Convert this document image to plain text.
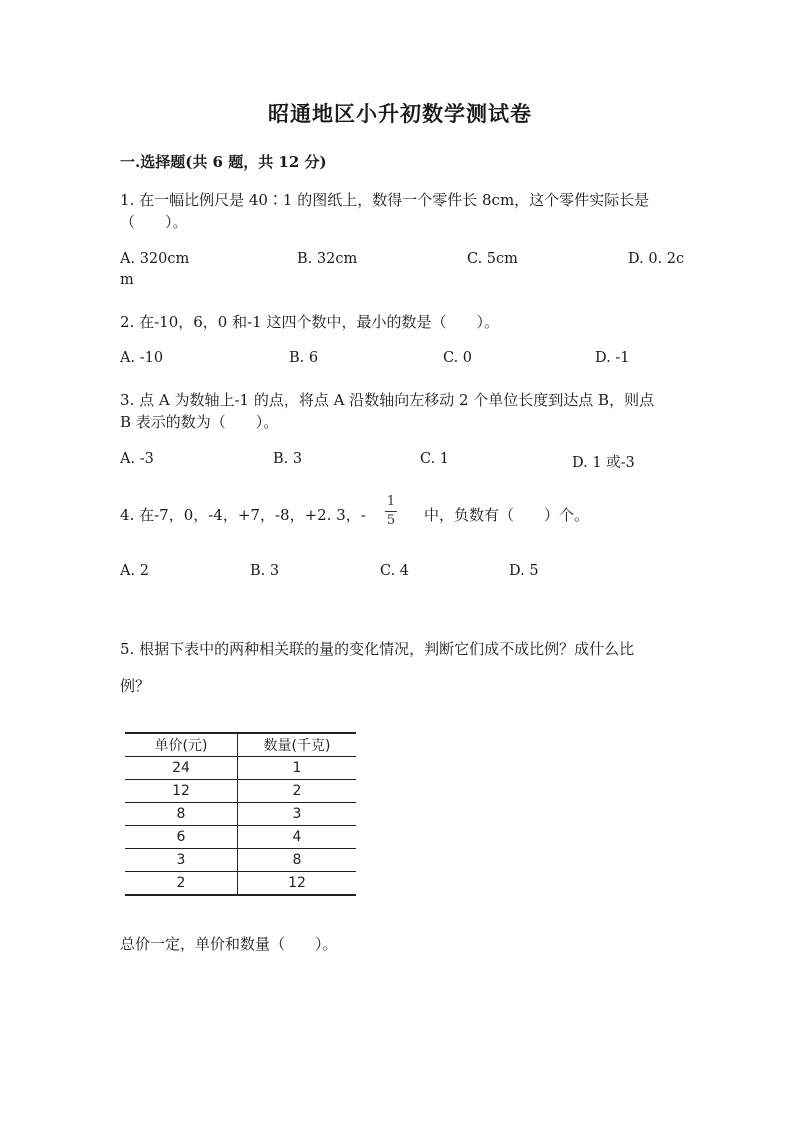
昭通地区小升初数学测试卷
一.选择题(共 6 题，共 12 分)
1. 在一幅比例尺是 40∶1 的图纸上，数得一个零件长 8cm，这个零件实际长是
（　　）。
A. 320cm	B. 32cm	C. 5cm	D. 0. 2c
m
2. 在-10，6，0 和-1 这四个数中，最小的数是（　　）。
A. -10	B. 6	C. 0	D. -1
3. 点 A 为数轴上-1 的点，将点 A 沿数轴向左移动 2 个单位长度到达点 B，则点
B 表示的数为（　　）。
A. -3	B. 3	C. 1	D. 1 或-3
4. 在-7，0，-4，+7，-8，+2. 3，-
1
5 中，负数有（　　）个。
A. 2	B. 3	C. 4	D. 5
5. 根据下表中的两种相关联的量的变化情况，判断它们成不成比例？成什么比
例？
单价(元)	数量(千克)
24	1
12	2
8	3
6	4
3	8
2	12
总价一定，单价和数量（　　）。
